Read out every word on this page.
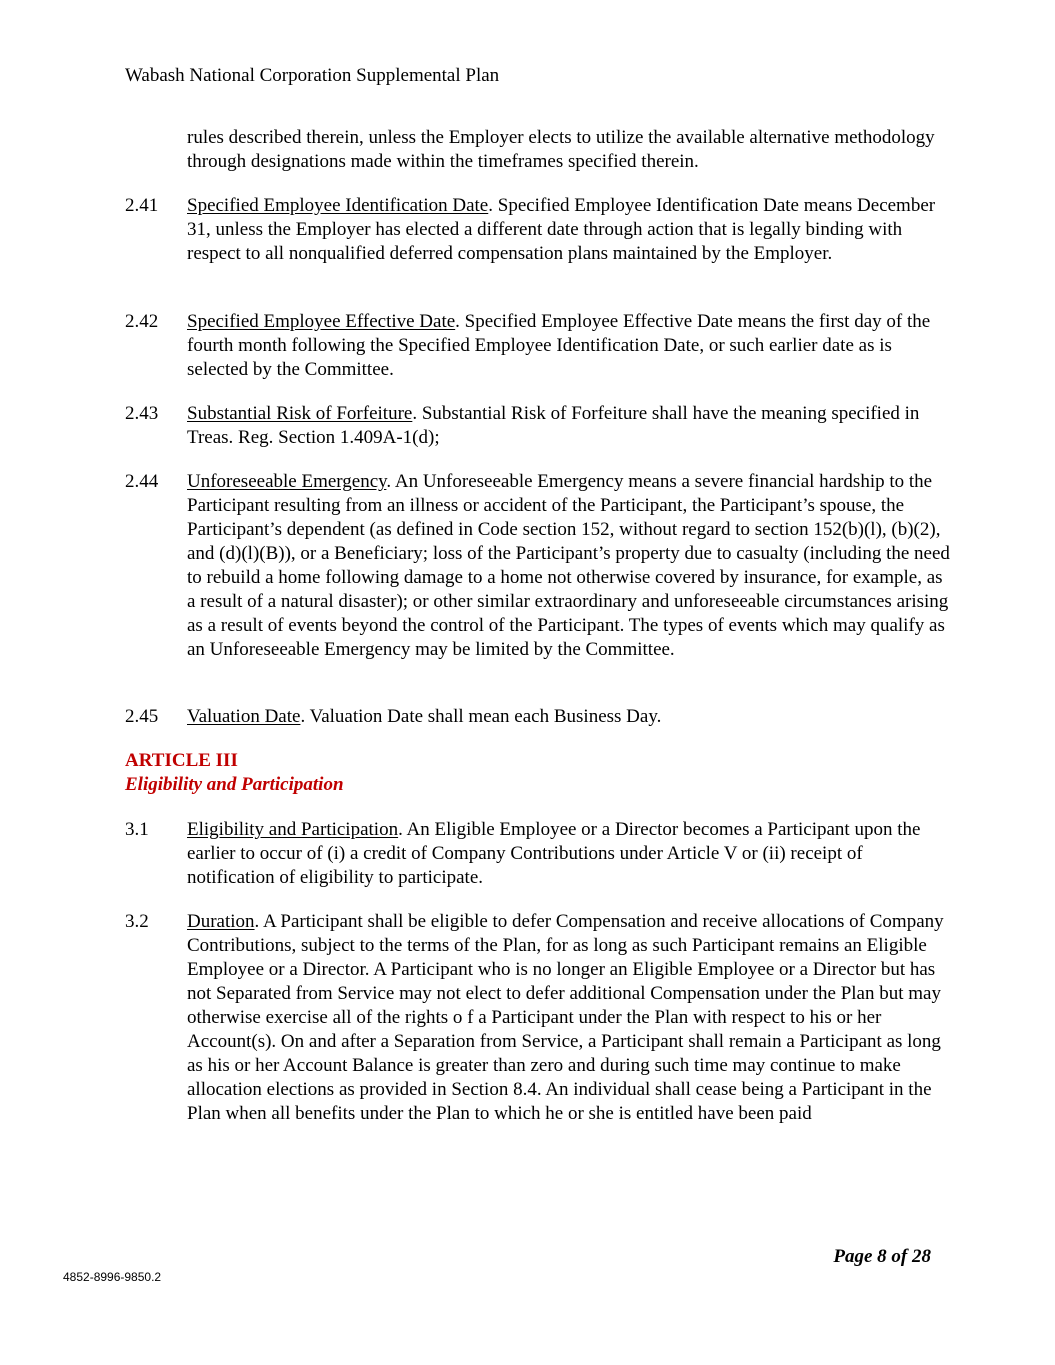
Wabash National Corporation Supplemental Plan
rules described therein, unless the Employer elects to utilize the available alternative methodology through designations made within the timeframes specified therein.
2.41 Specified Employee Identification Date. Specified Employee Identification Date means December 31, unless the Employer has elected a different date through action that is legally binding with respect to all nonqualified deferred compensation plans maintained by the Employer.
2.42 Specified Employee Effective Date. Specified Employee Effective Date means the first day of the fourth month following the Specified Employee Identification Date, or such earlier date as is selected by the Committee.
2.43 Substantial Risk of Forfeiture. Substantial Risk of Forfeiture shall have the meaning specified in Treas. Reg. Section 1.409A-1(d);
2.44 Unforeseeable Emergency. An Unforeseeable Emergency means a severe financial hardship to the Participant resulting from an illness or accident of the Participant, the Participant’s spouse, the Participant’s dependent (as defined in Code section 152, without regard to section 152(b)(l), (b)(2), and (d)(l)(B)), or a Beneficiary; loss of the Participant’s property due to casualty (including the need to rebuild a home following damage to a home not otherwise covered by insurance, for example, as a result of a natural disaster); or other similar extraordinary and unforeseeable circumstances arising as a result of events beyond the control of the Participant. The types of events which may qualify as an Unforeseeable Emergency may be limited by the Committee.
2.45 Valuation Date. Valuation Date shall mean each Business Day.
ARTICLE III
Eligibility and Participation
3.1 Eligibility and Participation. An Eligible Employee or a Director becomes a Participant upon the earlier to occur of (i) a credit of Company Contributions under Article V or (ii) receipt of notification of eligibility to participate.
3.2 Duration. A Participant shall be eligible to defer Compensation and receive allocations of Company Contributions, subject to the terms of the Plan, for as long as such Participant remains an Eligible Employee or a Director. A Participant who is no longer an Eligible Employee or a Director but has not Separated from Service may not elect to defer additional Compensation under the Plan but may otherwise exercise all of the rights o f a Participant under the Plan with respect to his or her Account(s). On and after a Separation from Service, a Participant shall remain a Participant as long as his or her Account Balance is greater than zero and during such time may continue to make allocation elections as provided in Section 8.4. An individual shall cease being a Participant in the Plan when all benefits under the Plan to which he or she is entitled have been paid
Page 8 of 28
4852-8996-9850.2
